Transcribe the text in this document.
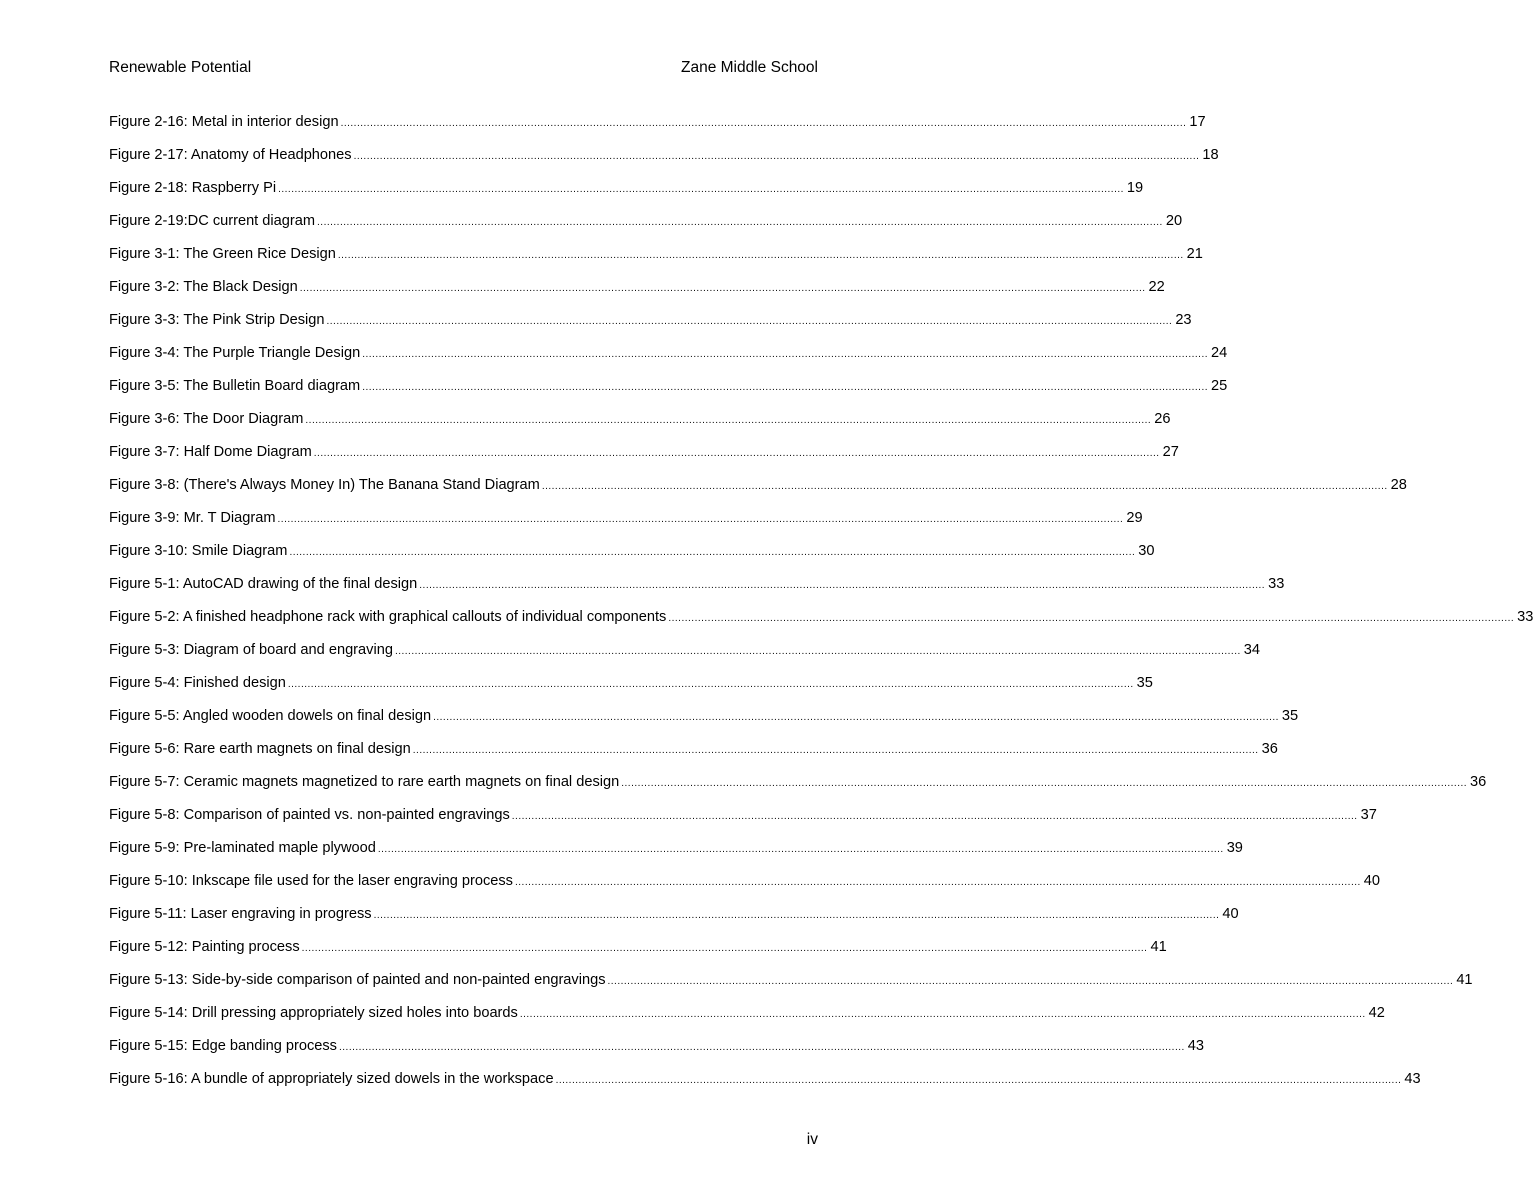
Renewable Potential	Zane Middle School
Figure 2-16: Metal in interior design .................................................................................................................................................................................................................................................................. 17
Figure 2-17: Anatomy of Headphones .................................................................................................................................................................................................................................................................. 18
Figure 2-18: Raspberry Pi .................................................................................................................................................................................................................................................................. 19
Figure 2-19:DC current diagram .................................................................................................................................................................................................................................................................. 20
Figure 3-1: The Green Rice Design .................................................................................................................................................................................................................................................................. 21
Figure 3-2: The Black Design .................................................................................................................................................................................................................................................................. 22
Figure 3-3: The Pink Strip Design .................................................................................................................................................................................................................................................................. 23
Figure 3-4: The Purple Triangle Design .................................................................................................................................................................................................................................................................. 24
Figure 3-5: The Bulletin Board diagram .................................................................................................................................................................................................................................................................. 25
Figure 3-6: The Door Diagram .................................................................................................................................................................................................................................................................. 26
Figure 3-7: Half Dome Diagram .................................................................................................................................................................................................................................................................. 27
Figure 3-8: (There's Always Money In) The Banana Stand Diagram .................................................................................................................................................................................................................................................................. 28
Figure 3-9: Mr. T Diagram .................................................................................................................................................................................................................................................................. 29
Figure 3-10: Smile Diagram .................................................................................................................................................................................................................................................................. 30
Figure 5-1: AutoCAD drawing of the final design .................................................................................................................................................................................................................................................................. 33
Figure 5-2: A finished headphone rack with graphical callouts of individual components .................................................................................................................................................................................................................................................................. 33
Figure 5-3: Diagram of board and engraving .................................................................................................................................................................................................................................................................. 34
Figure 5-4: Finished design .................................................................................................................................................................................................................................................................. 35
Figure 5-5: Angled wooden dowels on final design .................................................................................................................................................................................................................................................................. 35
Figure 5-6: Rare earth magnets on final design .................................................................................................................................................................................................................................................................. 36
Figure 5-7: Ceramic magnets magnetized to rare earth magnets on final design .................................................................................................................................................................................................................................................................. 36
Figure 5-8: Comparison of painted vs. non-painted engravings .................................................................................................................................................................................................................................................................. 37
Figure 5-9: Pre-laminated maple plywood .................................................................................................................................................................................................................................................................. 39
Figure 5-10: Inkscape file used for the laser engraving process .................................................................................................................................................................................................................................................................. 40
Figure 5-11: Laser engraving in progress .................................................................................................................................................................................................................................................................. 40
Figure 5-12: Painting process .................................................................................................................................................................................................................................................................. 41
Figure 5-13: Side-by-side comparison of painted and non-painted engravings .................................................................................................................................................................................................................................................................. 41
Figure 5-14: Drill pressing appropriately sized holes into boards .................................................................................................................................................................................................................................................................. 42
Figure 5-15: Edge banding process .................................................................................................................................................................................................................................................................. 43
Figure 5-16: A bundle of appropriately sized dowels in the workspace .................................................................................................................................................................................................................................................................. 43
iv
